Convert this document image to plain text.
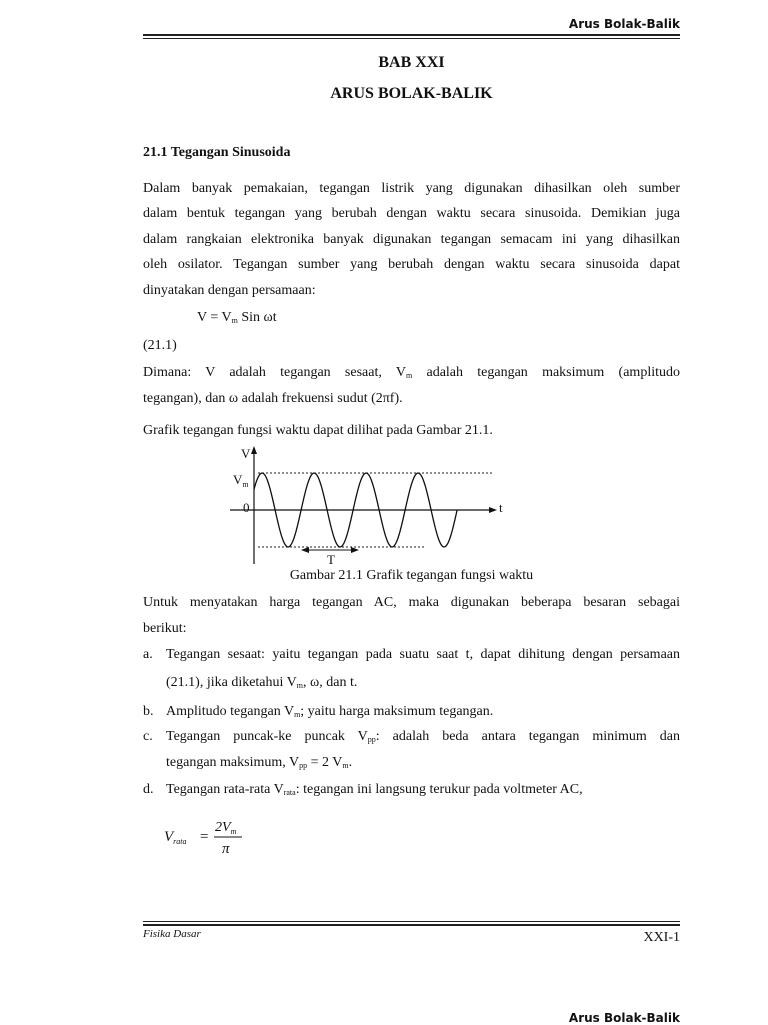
Arus Bolak-Balik
BAB XXI
ARUS BOLAK-BALIK
21.1 Tegangan Sinusoida
Dalam banyak pemakaian, tegangan listrik yang digunakan dihasilkan oleh sumber
dalam bentuk tegangan yang berubah dengan waktu secara sinusoida. Demikian juga
dalam rangkaian elektronika banyak digunakan tegangan semacam ini yang dihasilkan
oleh osilator. Tegangan sumber yang berubah dengan waktu secara sinusoida dapat
dinyatakan dengan persamaan:
$V = V_m$ Sin ωt
(21.1)
Dimana: V adalah tegangan sesaat, $V_m$ adalah tegangan maksimum (amplitudo
tegangan), dan ω adalah frekuensi sudut (2πf).
Grafik tegangan fungsi waktu dapat dilihat pada Gambar 21.1.
V
$V_m$
0	t
T
Gambar 21.1 Grafik tegangan fungsi waktu
Untuk menyatakan harga tegangan AC, maka digunakan beberapa besaran sebagai
berikut:
a. Tegangan sesaat: yaitu tegangan pada suatu saat t, dapat dihitung dengan persamaan
(21.1), jika diketahui $V_m$, ω, dan t.
b. Amplitudo tegangan $V_m$; yaitu harga maksimum tegangan.
c. Tegangan puncak-ke puncak $V_{pp}$: adalah beda antara tegangan minimum dan
tegangan maksimum, $V_{pp} = 2$ $V_m$.
d. Tegangan rata-rata $V_{rata}$: tegangan ini langsung terukur pada voltmeter AC,
$V_{rata}$ =
$2V_m$
π
Fisika Dasar	XXI-1
Arus Bolak-Balik
